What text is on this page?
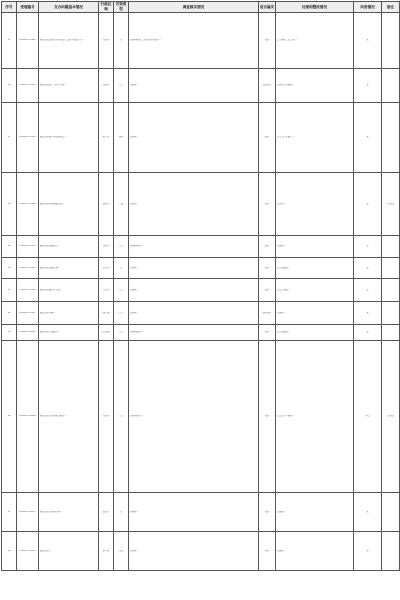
序号	受理编号	交办问题基本情况	行政区域	污染类型	调查核实情况	是否属实	处理和整改情况	问责情况	备注

15	D3610-170121	群众反映沈阳市浑南区长白二街...排放污水...	浑南区	水	经现场调查，该情况基本属实...	属实	责令整改，已完成...	无	

16	D3610-170134	群众反映某工厂粉尘污染...	铁西区	大气	经核查...	部分属实	已督促企业整改...	无	

17	D3610-170151	群众反映某小区噪声扰民...	和平区	噪声	经调查...	属实	已责令停止施工...	无	

18	D3610-170166	群众反映垃圾堆放问题...	皇姑区	土壤	经核实...	属实	已清理...	无	已办结

19	D3610-170172	群众反映油烟扰民...	沈河区	大气	经现场检查...	属实	已整改...	无	

20	D3610-170183	群众反映河道污染...	于洪区	水	经调查...	属实	已完成整改...	无	

21	D3610-170190	群众反映锅炉冒黑烟...	大东区	大气	经核查...	属实	已责令整改...	无	

22	D3610-170197	群众反映异味...	苏家屯区	大气	经调查...	部分属实	已整改...	无	

23	D3610-170202	群众反映工地扬尘...	沈北新区	大气	经现场核查...	属实	已完成整改...	无	

24	D3610-170209	群众反映企业排放污染物...	浑南区	大气	经调查核实...	属实	已责令停产整改...	问责	已办结

25	D3610-170215	群众反映养殖场污染...	新民市	水	经核查...	属实	已整改...	无	

26	D3610-170221	群众反映...	康平县	其他	经调查...	属实	已整改...	无	
